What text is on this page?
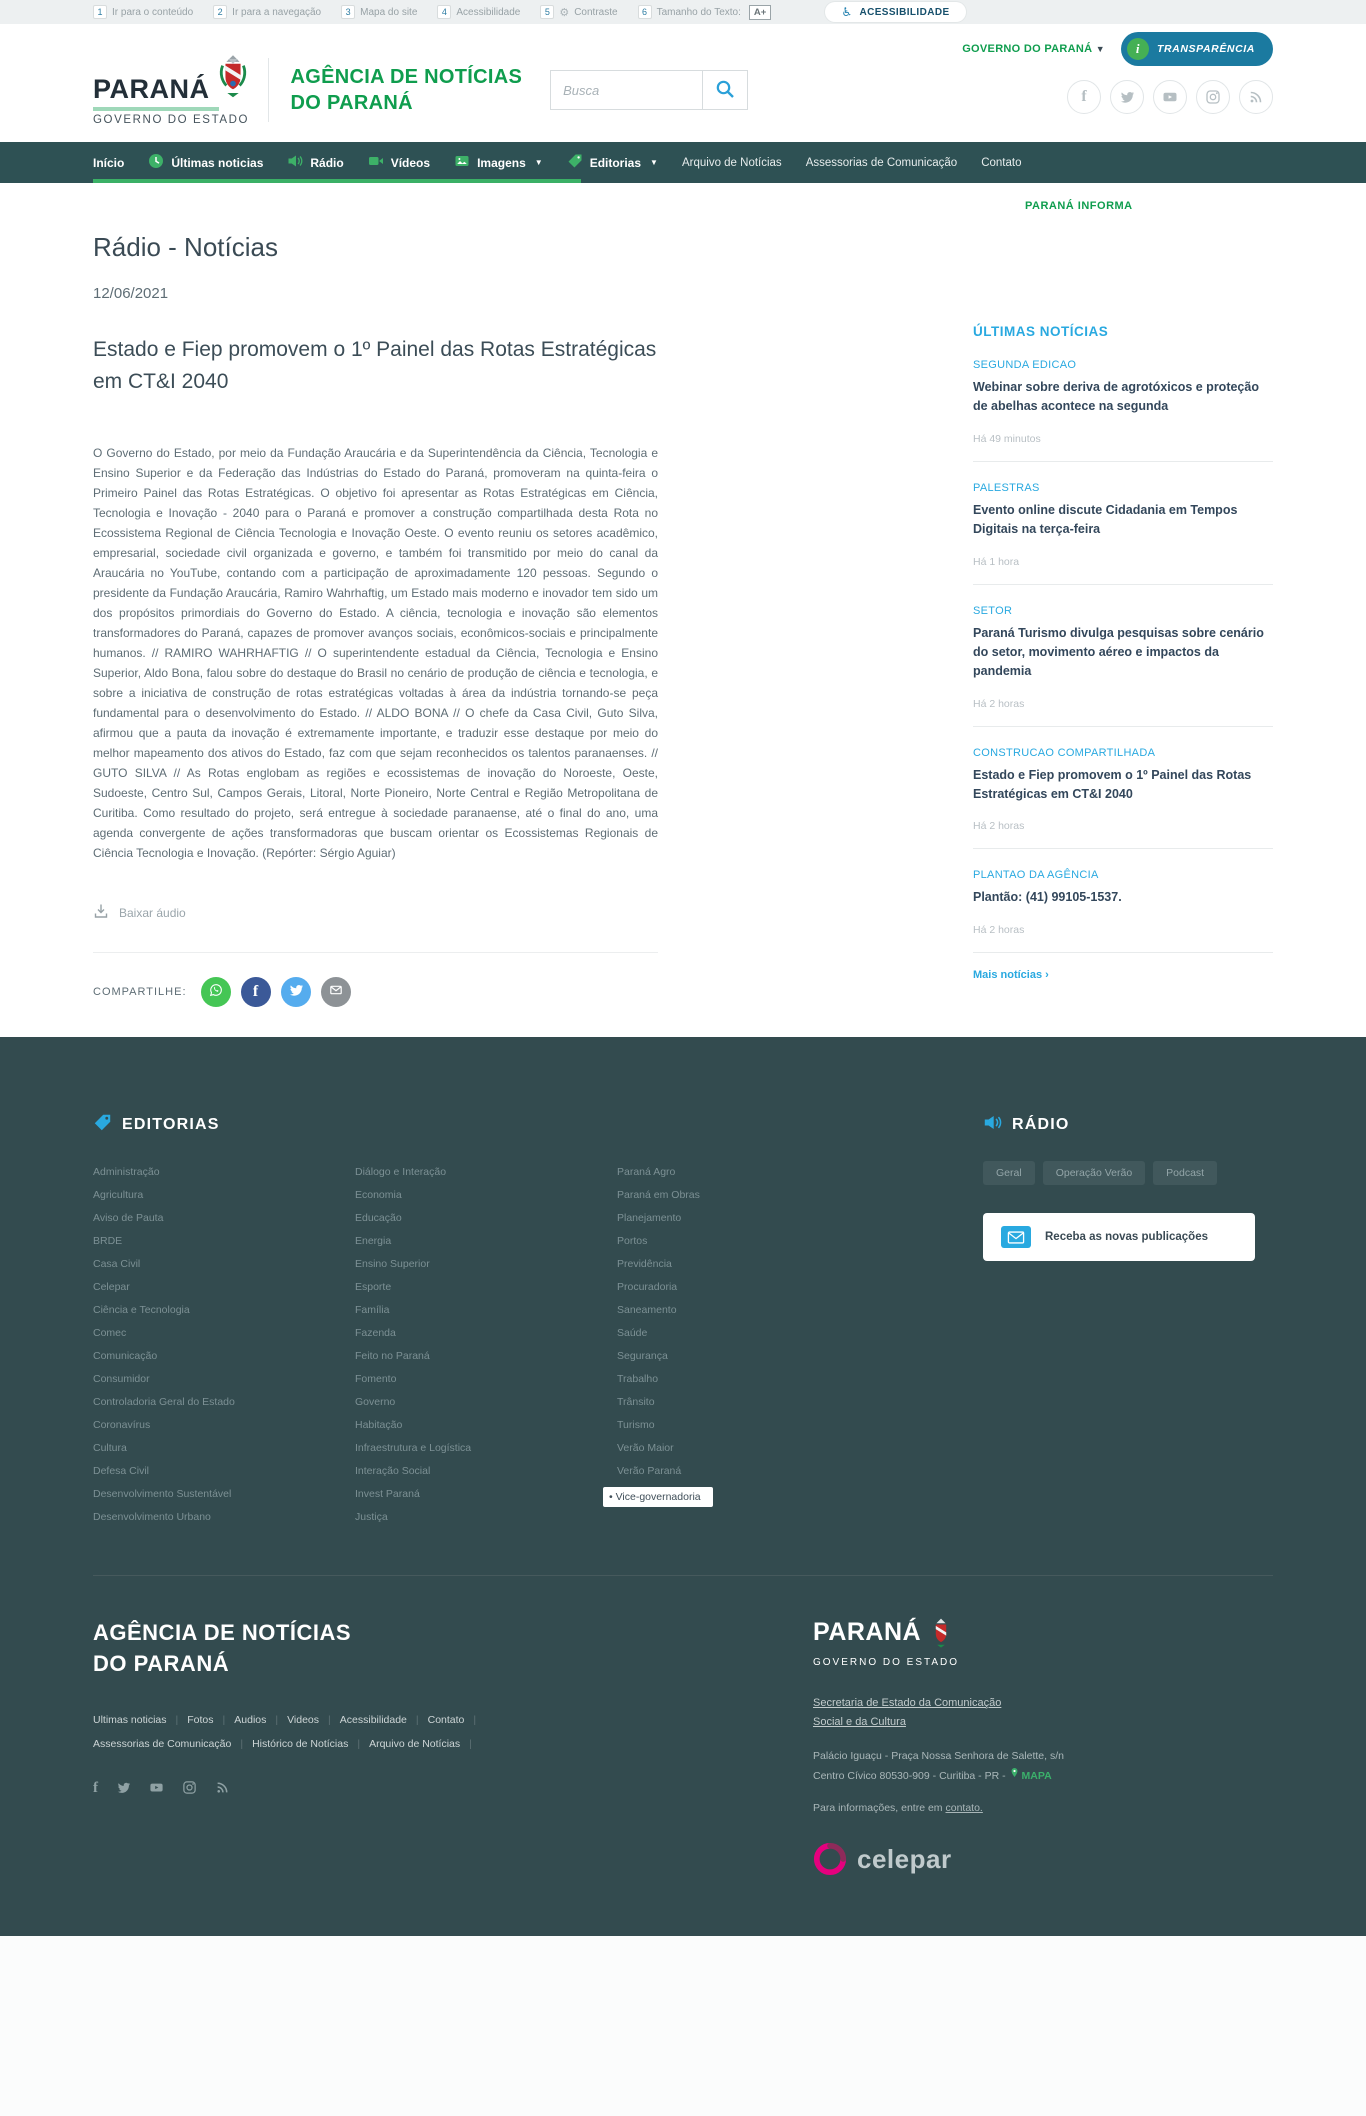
1 Ir para o conteúdo	2 Ir para a navegação	3 Mapa do site	4 Acessibilidade	5 ⚙ Contraste	6 Tamanho do Texto:	A+	♿ ACESSIBILIDADE
PARANÁ
GOVERNO DO ESTADO
AGÊNCIA DE NOTÍCIAS
DO PARANÁ
Busca
GOVERNO DO PARANÁ ▼	i	TRANSPARÊNCIA
f
Início	Últimas noticias	Rádio	Vídeos	Imagens ▼	Editorias ▼ Arquivo de Notícias Assessorias de Comunicação Contato
Rádio - Notícias
12/06/2021
Estado e Fiep promovem o 1º Painel das Rotas Estratégicas em CT&I 2040

O Governo do Estado, por meio da Fundação Araucária e da Superintendência da Ciência, Tecnologia e Ensino Superior e da Federação das Indústrias do Estado do Paraná, promoveram na quinta-feira o Primeiro Painel das Rotas Estratégicas. O objetivo foi apresentar as Rotas Estratégicas em Ciência, Tecnologia e Inovação - 2040 para o Paraná e promover a construção compartilhada desta Rota no Ecossistema Regional de Ciência Tecnologia e Inovação Oeste. O evento reuniu os setores acadêmico, empresarial, sociedade civil organizada e governo, e também foi transmitido por meio do canal da Araucária no YouTube, contando com a participação de aproximadamente 120 pessoas. Segundo o presidente da Fundação Araucária, Ramiro Wahrhaftig, um Estado mais moderno e inovador tem sido um dos propósitos primordiais do Governo do Estado. A ciência, tecnologia e inovação são elementos transformadores do Paraná, capazes de promover avanços sociais, econômicos-sociais e principalmente humanos. // RAMIRO WAHRHAFTIG // O superintendente estadual da Ciência, Tecnologia e Ensino Superior, Aldo Bona, falou sobre do destaque do Brasil no cenário de produção de ciência e tecnologia, e sobre a iniciativa de construção de rotas estratégicas voltadas à área da indústria tornando-se peça fundamental para o desenvolvimento do Estado. // ALDO BONA // O chefe da Casa Civil, Guto Silva, afirmou que a pauta da inovação é extremamente importante, e traduzir esse destaque por meio do melhor mapeamento dos ativos do Estado, faz com que sejam reconhecidos os talentos paranaenses. // GUTO SILVA // As Rotas englobam as regiões e ecossistemas de inovação do Noroeste, Oeste, Sudoeste, Centro Sul, Campos Gerais, Litoral, Norte Pioneiro, Norte Central e Região Metropolitana de Curitiba. Como resultado do projeto, será entregue à sociedade paranaense, até o final do ano, uma agenda convergente de ações transformadoras que buscam orientar os Ecossistemas Regionais de Ciência Tecnologia e Inovação. (Repórter: Sérgio Aguiar)

Baixar áudio
COMPARTILHE:	f
PARANÁ INFORMA
ÚLTIMAS NOTÍCIAS
SEGUNDA EDICAO
Webinar sobre deriva de agrotóxicos e proteção de abelhas acontece na segunda
Há 49 minutos
PALESTRAS
Evento online discute Cidadania em Tempos Digitais na terça-feira
Há 1 hora
SETOR
Paraná Turismo divulga pesquisas sobre cenário do setor, movimento aéreo e impactos da pandemia
Há 2 horas
CONSTRUCAO COMPARTILHADA
Estado e Fiep promovem o 1º Painel das Rotas Estratégicas em CT&I 2040
Há 2 horas
PLANTAO DA AGÊNCIA
Plantão: (41) 99105-1537.
Há 2 horas
Mais notícias ›
EDITORIAS
Administração
Agricultura
Aviso de Pauta
BRDE
Casa Civil
Celepar
Ciência e Tecnologia
Comec
Comunicação
Consumidor
Controladoria Geral do Estado
Coronavírus
Cultura
Defesa Civil
Desenvolvimento Sustentável
Desenvolvimento Urbano
Diálogo e Interação
Economia
Educação
Energia
Ensino Superior
Esporte
Família
Fazenda
Feito no Paraná
Fomento
Governo
Habitação
Infraestrutura e Logística
Interação Social
Invest Paraná
Justiça
Paraná Agro
Paraná em Obras
Planejamento
Portos
Previdência
Procuradoria
Saneamento
Saúde
Segurança
Trabalho
Trânsito
Turismo
Verão Maior
Verão Paraná
• Vice-governadoria
RÁDIO
Geral	Operação Verão	Podcast
Receba as novas publicações
AGÊNCIA DE NOTÍCIAS
DO PARANÁ
Ultimas noticias | Fotos | Audios | Videos | Acessibilidade | Contato |
Assessorias de Comunicação | Histórico de Notícias | Arquivo de Notícias |
f
PARANÁ
GOVERNO DO ESTADO
Secretaria de Estado da Comunicação Social e da Cultura
Palácio Iguaçu - Praça Nossa Senhora de Salette, s/n
Centro Cívico 80530-909 - Curitiba - PR - MAPA
Para informações, entre em contato.
celepar
